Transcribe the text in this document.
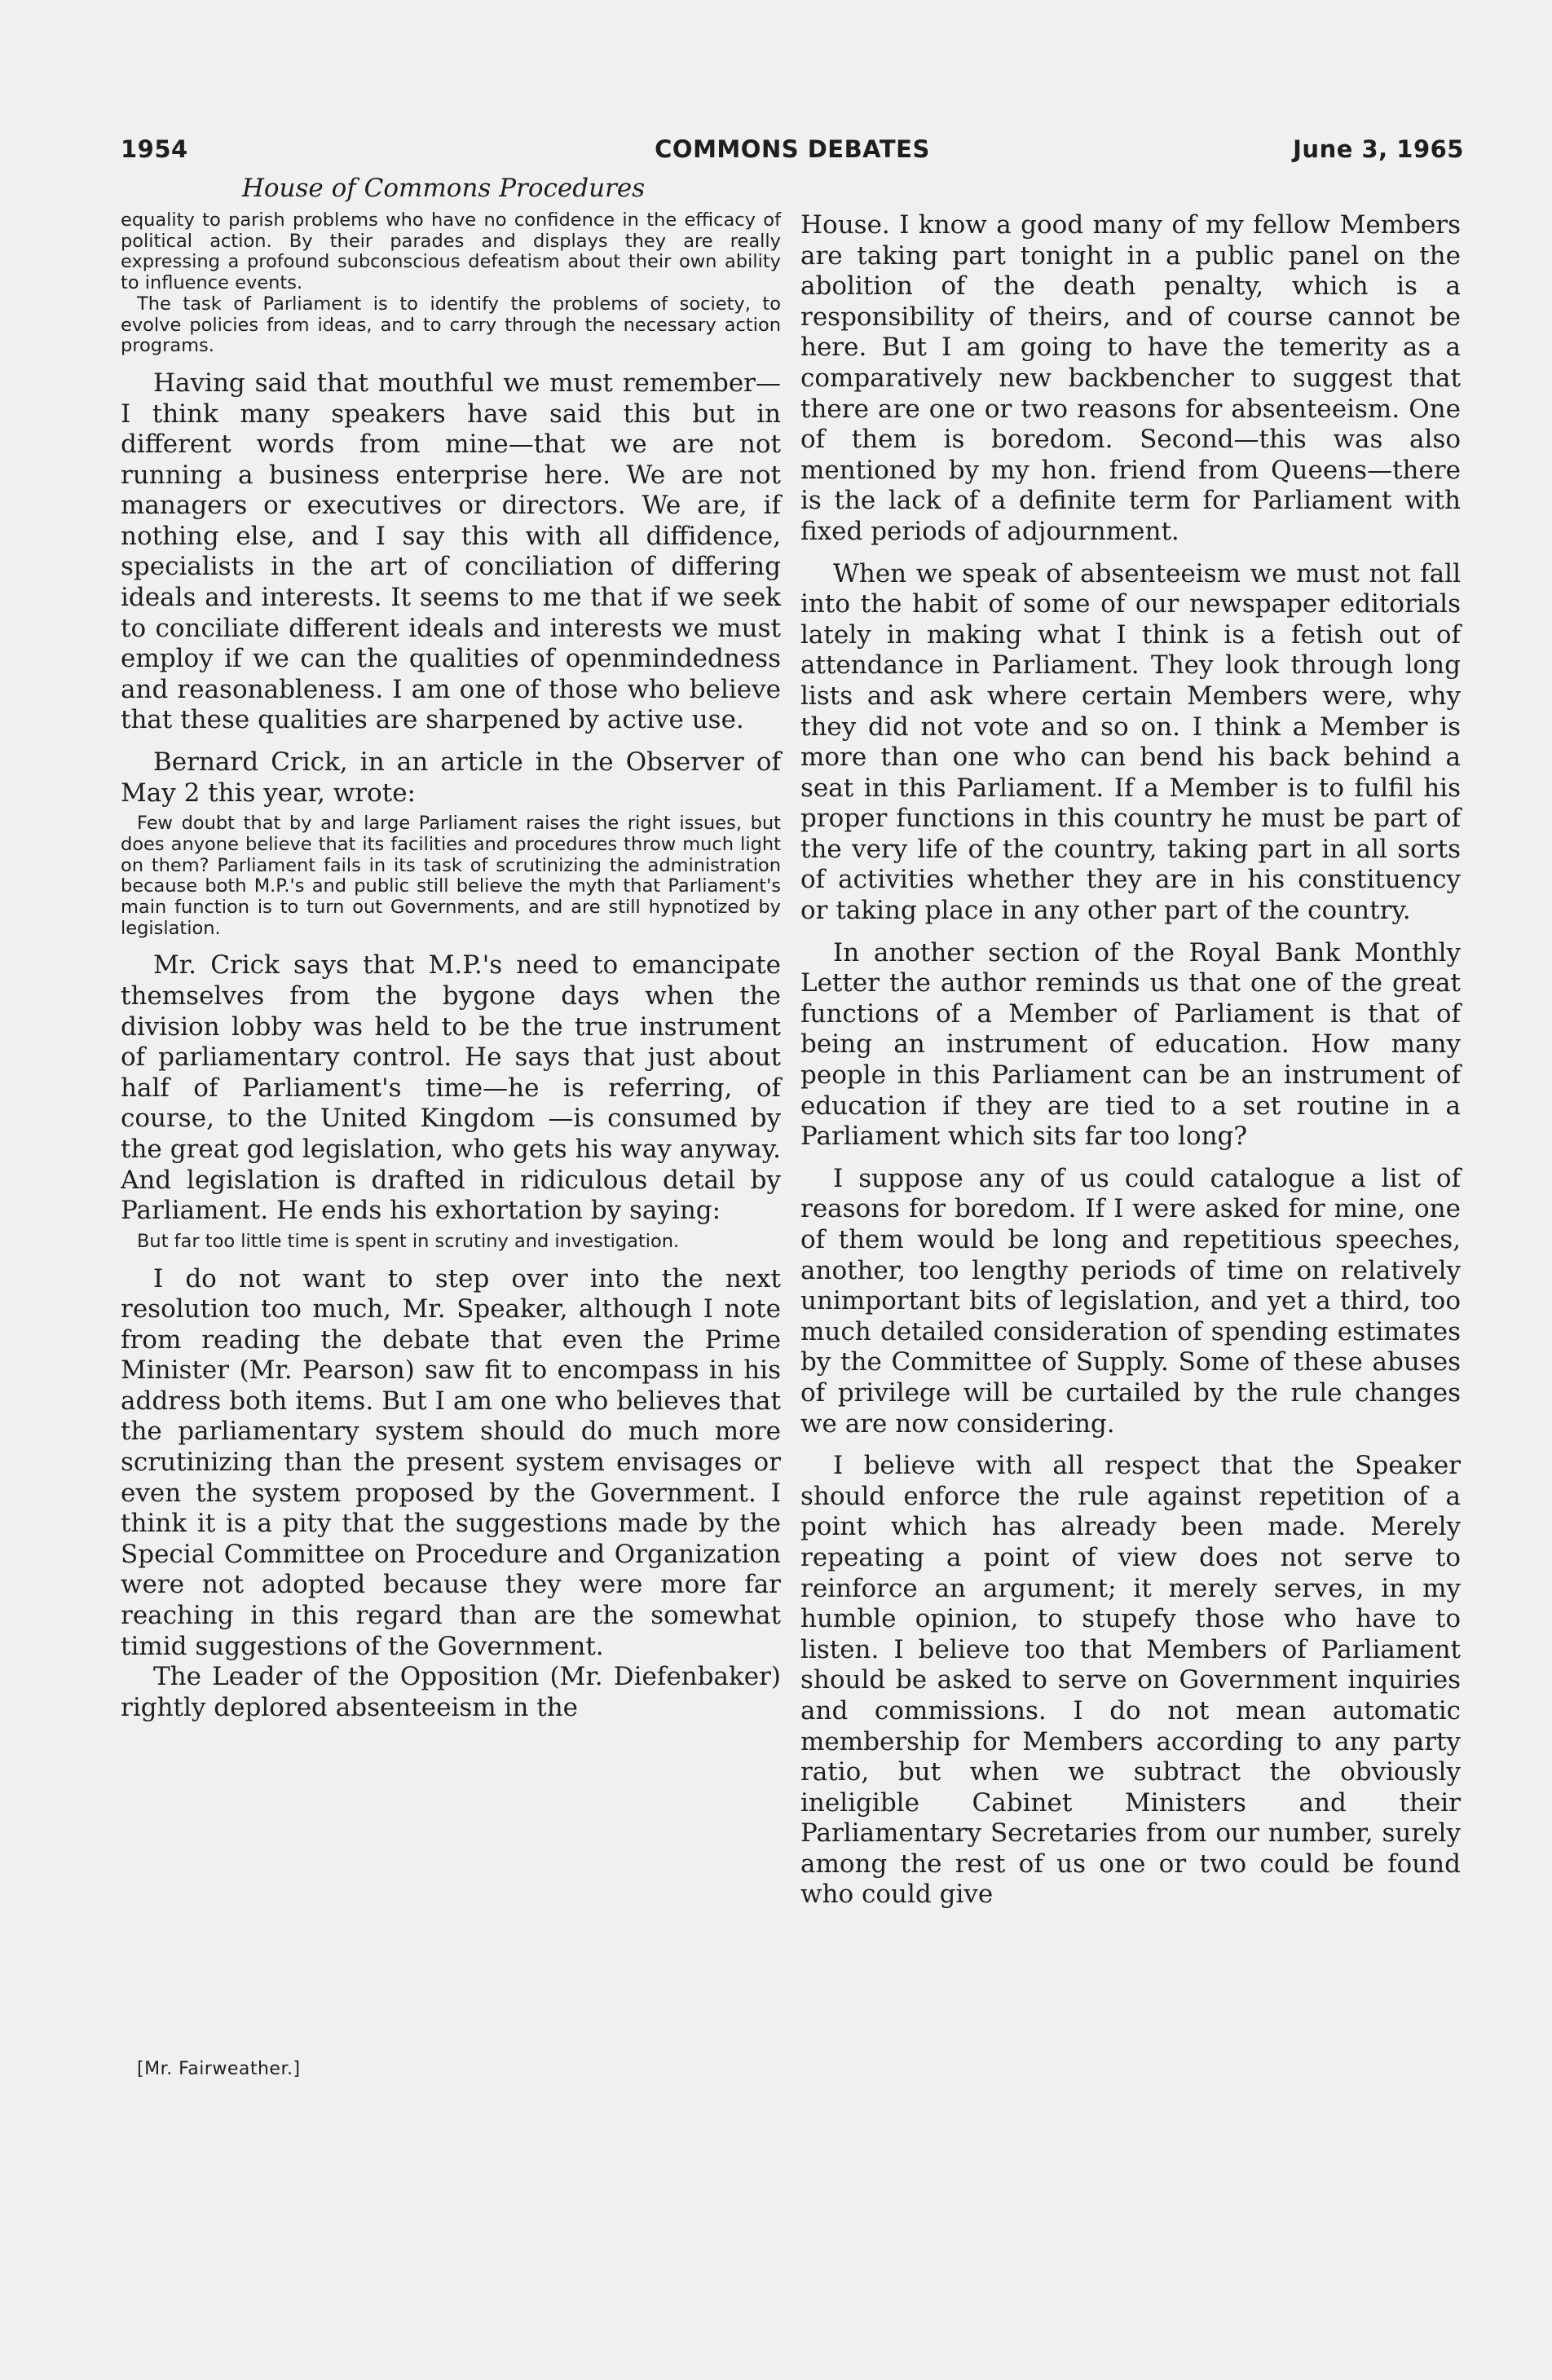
1954	COMMONS DEBATES	June 3, 1965
House of Commons Procedures

equality to parish problems who have no confidence in the efficacy of political action. By their parades and displays they are really expressing a profound subconscious defeatism about their own ability to influence events.

The task of Parliament is to identify the problems of society, to evolve policies from ideas, and to carry through the necessary action programs.

Having said that mouthful we must remember—I think many speakers have said this but in different words from mine—that we are not running a business enterprise here. We are not managers or executives or directors. We are, if nothing else, and I say this with all diffidence, specialists in the art of conciliation of differing ideals and interests. It seems to me that if we seek to conciliate different ideals and interests we must employ if we can the qualities of openmindedness and reasonableness. I am one of those who believe that these qualities are sharpened by active use.

Bernard Crick, in an article in the Observer of May 2 this year, wrote:

Few doubt that by and large Parliament raises the right issues, but does anyone believe that its facilities and procedures throw much light on them? Parliament fails in its task of scrutinizing the administration because both M.P.'s and public still believe the myth that Parliament's main function is to turn out Governments, and are still hypnotized by legislation.

Mr. Crick says that M.P.'s need to emancipate themselves from the bygone days when the division lobby was held to be the true instrument of parliamentary control. He says that just about half of Parliament's time—he is referring, of course, to the United Kingdom —is consumed by the great god legislation, who gets his way anyway. And legislation is drafted in ridiculous detail by Parliament. He ends his exhortation by saying:

But far too little time is spent in scrutiny and investigation.

I do not want to step over into the next resolution too much, Mr. Speaker, although I note from reading the debate that even the Prime Minister (Mr. Pearson) saw fit to encompass in his address both items. But I am one who believes that the parliamentary system should do much more scrutinizing than the present system envisages or even the system proposed by the Government. I think it is a pity that the suggestions made by the Special Committee on Procedure and Organization were not adopted because they were more far reaching in this regard than are the somewhat timid suggestions of the Government.

The Leader of the Opposition (Mr. Diefenbaker) rightly deplored absenteeism in the

House. I know a good many of my fellow Members are taking part tonight in a public panel on the abolition of the death penalty, which is a responsibility of theirs, and of course cannot be here. But I am going to have the temerity as a comparatively new backbencher to suggest that there are one or two reasons for absenteeism. One of them is boredom. Second—this was also mentioned by my hon. friend from Queens—there is the lack of a definite term for Parliament with fixed periods of adjournment.

When we speak of absenteeism we must not fall into the habit of some of our newspaper editorials lately in making what I think is a fetish out of attendance in Parliament. They look through long lists and ask where certain Members were, why they did not vote and so on. I think a Member is more than one who can bend his back behind a seat in this Parliament. If a Member is to fulfil his proper functions in this country he must be part of the very life of the country, taking part in all sorts of activities whether they are in his constituency or taking place in any other part of the country.

In another section of the Royal Bank Monthly Letter the author reminds us that one of the great functions of a Member of Parliament is that of being an instrument of education. How many people in this Parliament can be an instrument of education if they are tied to a set routine in a Parliament which sits far too long?

I suppose any of us could catalogue a list of reasons for boredom. If I were asked for mine, one of them would be long and repetitious speeches, another, too lengthy periods of time on relatively unimportant bits of legislation, and yet a third, too much detailed consideration of spending estimates by the Committee of Supply. Some of these abuses of privilege will be curtailed by the rule changes we are now considering.

I believe with all respect that the Speaker should enforce the rule against repetition of a point which has already been made. Merely repeating a point of view does not serve to reinforce an argument; it merely serves, in my humble opinion, to stupefy those who have to listen. I believe too that Members of Parliament should be asked to serve on Government inquiries and commissions. I do not mean automatic membership for Members according to any party ratio, but when we subtract the obviously ineligible Cabinet Ministers and their Parliamentary Secretaries from our number, surely among the rest of us one or two could be found who could give

[Mr. Fairweather.]
